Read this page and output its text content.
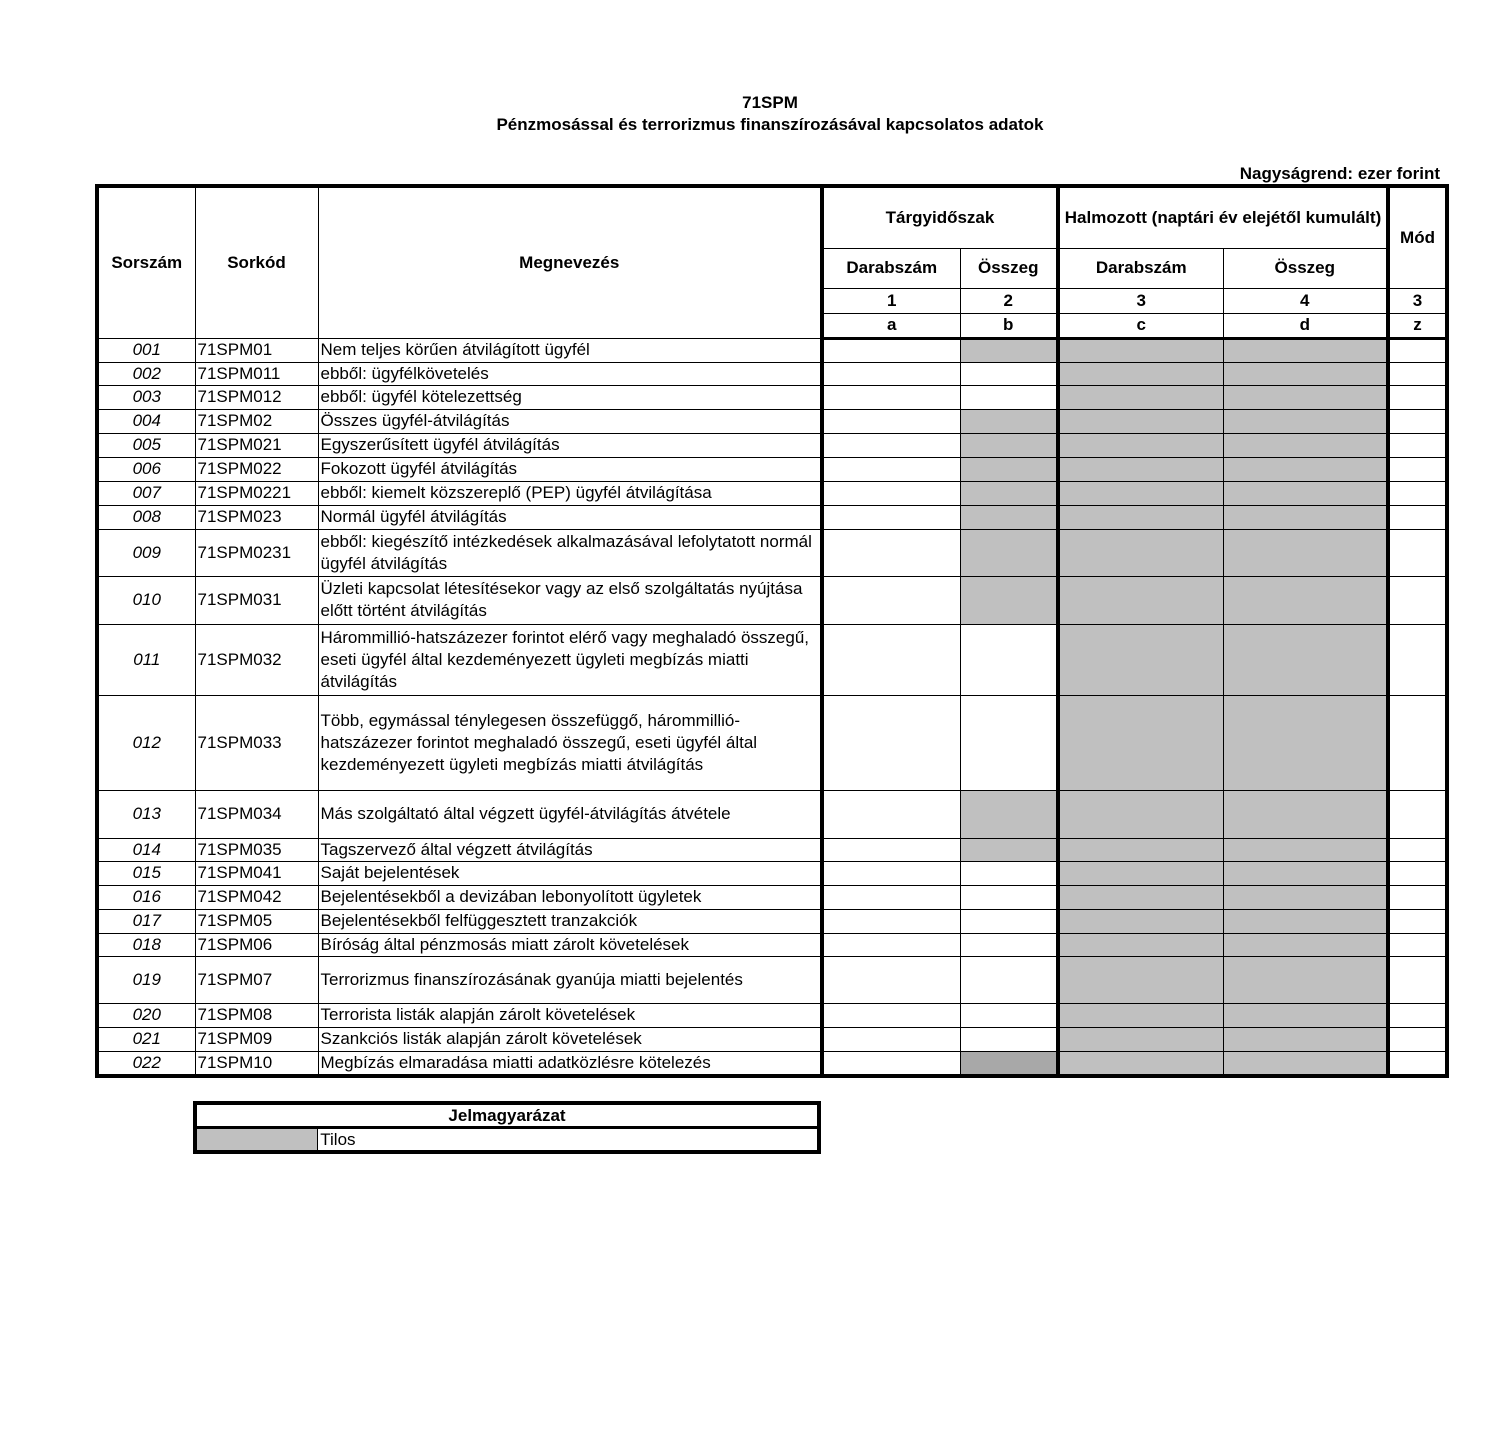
71SPM
Pénzmosással és terrorizmus finanszírozásával kapcsolatos adatok
Nagyságrend: ezer forint
Sorszám	Sorkód	Megnevezés	Tárgyidőszak		Halmozott (naptári év elejétől kumulált)		Mód
			Darabszám	Összeg	Darabszám	Összeg	
			1	2	3	4	3
			a	b	c	d	z
001	71SPM01	Nem teljes körűen átvilágított ügyfél					
002	71SPM011	ebből: ügyfélkövetelés					
003	71SPM012	ebből: ügyfél kötelezettség					
004	71SPM02	Összes ügyfél-átvilágítás					
005	71SPM021	Egyszerűsített ügyfél átvilágítás					
006	71SPM022	Fokozott ügyfél átvilágítás					
007	71SPM0221	ebből: kiemelt közszereplő (PEP) ügyfél átvilágítása					
008	71SPM023	Normál ügyfél átvilágítás					
009	71SPM0231	ebből: kiegészítő intézkedések alkalmazásával lefolytatott normál ügyfél átvilágítás					
010	71SPM031	Üzleti kapcsolat létesítésekor vagy az első szolgáltatás nyújtása előtt történt átvilágítás					
011	71SPM032	Hárommillió-hatszázezer forintot elérő vagy meghaladó összegű, eseti ügyfél által kezdeményezett ügyleti megbízás miatti átvilágítás					
012	71SPM033	Több, egymással ténylegesen összefüggő, hárommillió-hatszázezer forintot meghaladó összegű, eseti ügyfél által kezdeményezett ügyleti megbízás miatti átvilágítás					
013	71SPM034	Más szolgáltató által végzett ügyfél-átvilágítás átvétele					
014	71SPM035	Tagszervező által végzett átvilágítás					
015	71SPM041	Saját bejelentések					
016	71SPM042	Bejelentésekből a devizában lebonyolított ügyletek					
017	71SPM05	Bejelentésekből felfüggesztett tranzakciók					
018	71SPM06	Bíróság által pénzmosás miatt zárolt követelések					
019	71SPM07	Terrorizmus finanszírozásának gyanúja miatti bejelentés					
020	71SPM08	Terrorista listák alapján zárolt követelések					
021	71SPM09	Szankciós listák alapján zárolt követelések					
022	71SPM10	Megbízás elmaradása miatti adatközlésre kötelezés					
Jelmagyarázat
	Tilos
